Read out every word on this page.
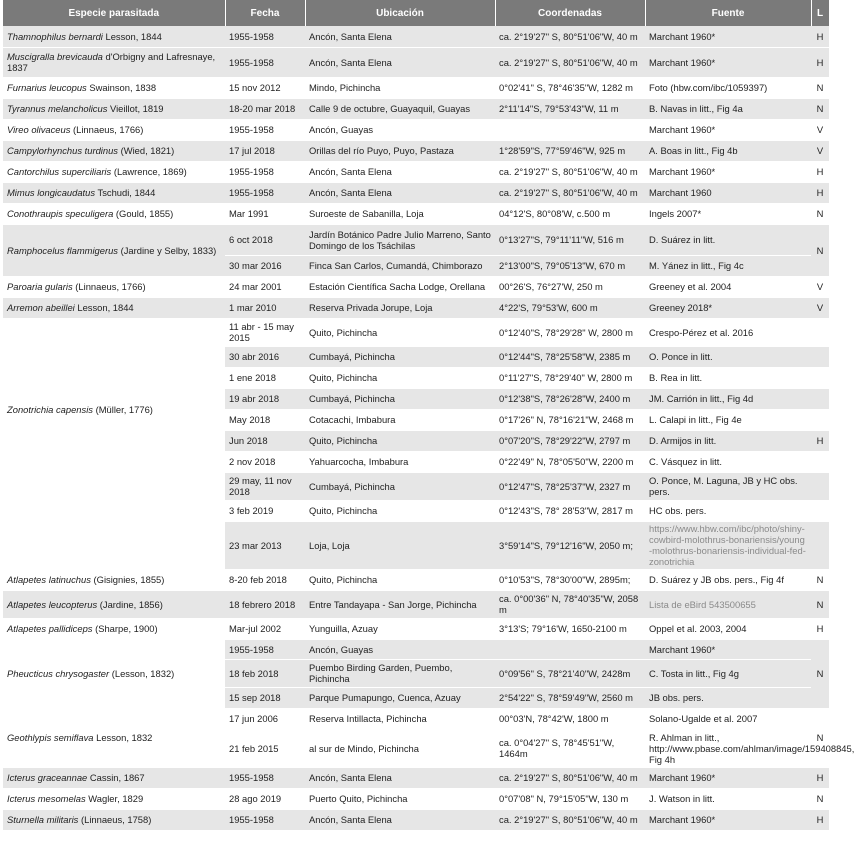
Especie parasitada	Fecha	Ubicación	Coordenadas	Fuente	L
Thamnophilus bernardi Lesson, 1844	1955-1958	Ancón, Santa Elena	ca. 2°19'27" S, 80°51'06"W, 40 m	Marchant 1960*	H
Muscigralla brevicauda d'Orbigny and Lafresnaye, 1837	1955-1958	Ancón, Santa Elena	ca. 2°19'27" S, 80°51'06"W, 40 m	Marchant 1960*	H
Furnarius leucopus Swainson, 1838	15 nov 2012	Mindo, Pichincha	0°02'41" S, 78°46'35"W, 1282 m	Foto (hbw.com/ibc/1059397)	N
Tyrannus melancholicus Vieillot, 1819	18-20 mar 2018	Calle 9 de octubre, Guayaquil, Guayas	2°11'14"S, 79°53'43"W, 11 m	B. Navas in litt., Fig 4a	N
Vireo olivaceus (Linnaeus, 1766)	1955-1958	Ancón, Guayas		Marchant 1960*	V
Campylorhynchus turdinus (Wied, 1821)	17 jul 2018	Orillas del río Puyo, Puyo, Pastaza	1°28'59"S, 77°59'46"W, 925 m	A. Boas in litt., Fig 4b	V
Cantorchilus superciliaris (Lawrence, 1869)	1955-1958	Ancón, Santa Elena	ca. 2°19'27" S, 80°51'06"W, 40 m	Marchant 1960*	H
Mimus longicaudatus Tschudi, 1844	1955-1958	Ancón, Santa Elena	ca. 2°19'27" S, 80°51'06"W, 40 m	Marchant 1960	H
Conothraupis speculigera (Gould, 1855)	Mar 1991	Suroeste de Sabanilla, Loja	04°12'S, 80°08'W, c.500 m	Ingels 2007*	N
Ramphocelus flammigerus (Jardine y Selby, 1833)	6 oct 2018	Jardín Botánico Padre Julio Marreno, Santo Domingo de los Tsáchilas	0°13'27"S, 79°11'11"W, 516 m	D. Suárez in litt.	N
	30 mar 2016	Finca San Carlos, Cumandá, Chimborazo	2°13'00"S, 79°05'13"W, 670 m	M. Yánez in litt., Fig 4c	
Paroaria gularis (Linnaeus, 1766)	24 mar 2001	Estación Científica Sacha Lodge, Orellana	00°26'S, 76°27'W, 250 m	Greeney et al. 2004	V
Arremon abeillei Lesson, 1844	1 mar 2010	Reserva Privada Jorupe, Loja	4°22'S, 79°53'W, 600 m	Greeney 2018*	V
Zonotrichia capensis (Müller, 1776)	11 abr - 15 may 2015	Quito, Pichincha	0°12'40"S, 78°29'28" W, 2800 m	Crespo-Pérez et al. 2016	
	30 abr 2016	Cumbayá, Pichincha	0°12'44"S, 78°25'58"W, 2385 m	O. Ponce in litt.	
	1 ene 2018	Quito, Pichincha	0°11'27"S, 78°29'40" W, 2800 m	B. Rea in litt.	
	19 abr 2018	Cumbayá, Pichincha	0°12'38"S, 78°26'28"W, 2400 m	JM. Carrión in litt., Fig 4d	
	May 2018	Cotacachi, Imbabura	0°17'26" N, 78°16'21"W, 2468 m	L. Calapi in litt., Fig 4e	
	Jun 2018	Quito, Pichincha	0°07'20"S, 78°29'22"W, 2797 m	D. Armijos in litt.	H
	2 nov 2018	Yahuarcocha, Imbabura	0°22'49" N, 78°05'50"W, 2200 m	C. Vásquez in litt.	
	29 may, 11 nov 2018	Cumbayá, Pichincha	0°12'47"S, 78°25'37"W, 2327 m	O. Ponce, M. Laguna, JB y HC obs. pers.	
	3 feb 2019	Quito, Pichincha	0°12'43"S, 78° 28'53"W, 2817 m	HC obs. pers.	
	23 mar 2013	Loja, Loja	3°59'14"S, 79°12'16"W, 2050 m;	https://www.hbw.com/ibc/photo/shiny-cowbird-molothrus-bonariensis/young-molothrus-bonariensis-individual-fed-zonotrichia	
Atlapetes latinuchus (Gisignies, 1855)	8-20 feb 2018	Quito, Pichincha	0°10'53"S, 78°30'00"W, 2895m;	D. Suárez y JB obs. pers., Fig 4f	N
Atlapetes leucopterus (Jardine, 1856)	18 febrero 2018	Entre Tandayapa - San Jorge, Pichincha	ca. 0°00'36" N, 78°40'35"W, 2058 m	Lista de eBird 543500655	N
Atlapetes pallidiceps (Sharpe, 1900)	Mar-jul 2002	Yunguilla, Azuay	3°13'S; 79°16'W, 1650-2100 m	Oppel et al. 2003, 2004	H
Pheucticus chrysogaster (Lesson, 1832)	1955-1958	Ancón, Guayas		Marchant 1960*	N
	18 feb 2018	Puembo Birding Garden, Puembo, Pichincha	0°09'56" S, 78°21'40"W, 2428m	C. Tosta in litt., Fig 4g	
	15 sep 2018	Parque Pumapungo, Cuenca, Azuay	2°54'22" S, 78°59'49"W, 2560 m	JB obs. pers.	
Geothlypis semiflava Lesson, 1832	17 jun 2006	Reserva Intillacta, Pichincha	00°03'N, 78°42'W, 1800 m	Solano-Ugalde et al. 2007	N
	21 feb 2015	al sur de Mindo, Pichincha	ca. 0°04'27" S, 78°45'51"W, 1464m	R. Ahlman in litt., http://www.pbase.com/ahlman/image/159408845, Fig 4h	
Icterus graceannae Cassin, 1867	1955-1958	Ancón, Santa Elena	ca. 2°19'27" S, 80°51'06"W, 40 m	Marchant 1960*	H
Icterus mesomelas Wagler, 1829	28 ago 2019	Puerto Quito, Pichincha	0°07'08" N, 79°15'05"W, 130 m	J. Watson in litt.	N
Sturnella militaris (Linnaeus, 1758)	1955-1958	Ancón, Santa Elena	ca. 2°19'27" S, 80°51'06"W, 40 m	Marchant 1960*	H
